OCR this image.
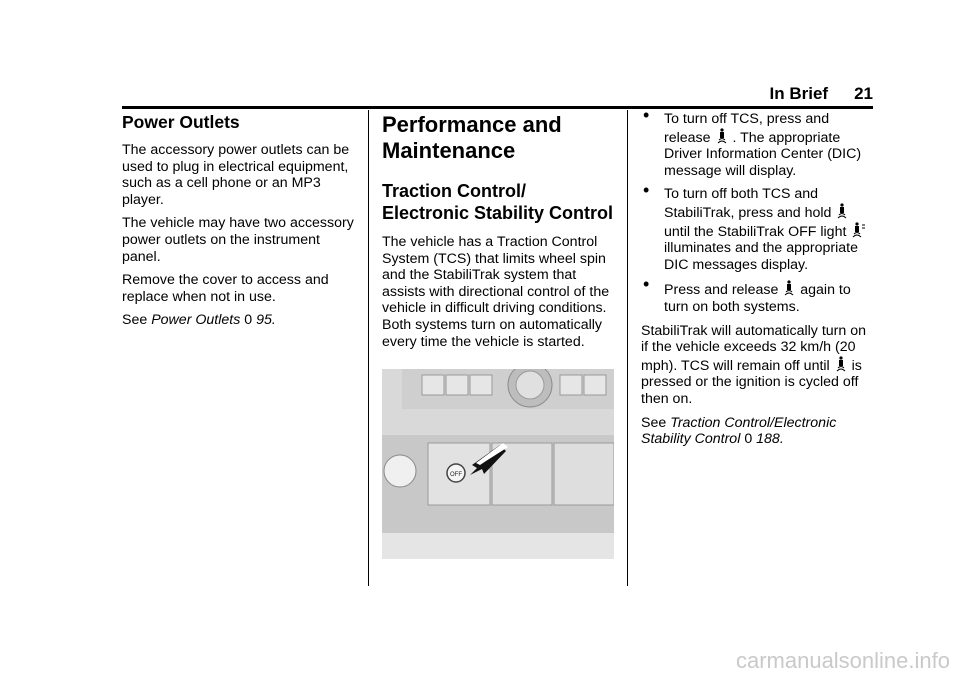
In Brief 21
Power Outlets

The accessory power outlets can be used to plug in electrical equipment, such as a cell phone or an MP3 player.

The vehicle may have two accessory power outlets on the instrument panel.

Remove the cover to access and replace when not in use.

See Power Outlets 0 95.

Performance and Maintenance
Traction Control/ Electronic Stability Control

The vehicle has a Traction Control System (TCS) that limits wheel spin and the StabiliTrak system that assists with directional control of the vehicle in difficult driving conditions. Both systems turn on automatically every time the vehicle is started.

OFF
• To turn off TCS, press and release . The appropriate Driver Information Center (DIC) message will display.
• To turn off both TCS and StabiliTrak, press and hold  until the StabiliTrak OFF light  illuminates and the appropriate DIC messages display.
• Press and release again to turn on both systems.

StabiliTrak will automatically turn on if the vehicle exceeds 32 km/h (20 mph). TCS will remain off until is pressed or the ignition is cycled off then on.

See Traction Control/Electronic Stability Control 0 188.

carmanualsonline.info
